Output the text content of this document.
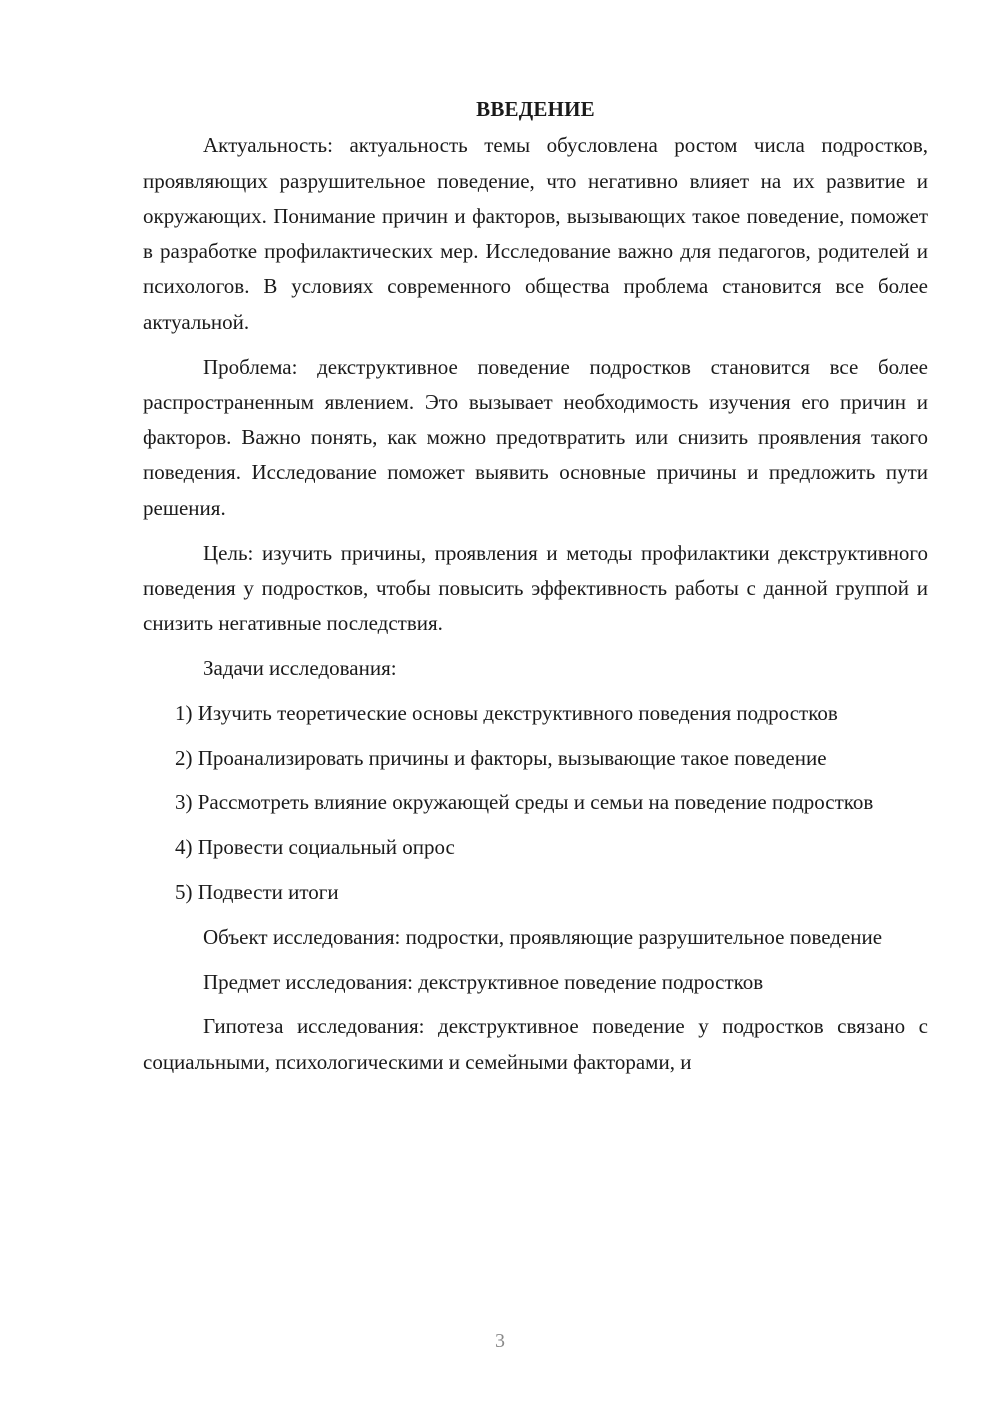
ВВЕДЕНИЕ

Актуальность: актуальность темы обусловлена ростом числа подростков, проявляющих разрушительное поведение, что негативно влияет на их развитие и окружающих. Понимание причин и факторов, вызывающих такое поведение, поможет в разработке профилактических мер. Исследование важно для педагогов, родителей и психологов. В условиях современного общества проблема становится все более актуальной.

Проблема: декструктивное поведение подростков становится все более распространенным явлением. Это вызывает необходимость изучения его причин и факторов. Важно понять, как можно предотвратить или снизить проявления такого поведения. Исследование поможет выявить основные причины и предложить пути решения.

Цель: изучить причины, проявления и методы профилактики декструктивного поведения у подростков, чтобы повысить эффективность работы с данной группой и снизить негативные последствия.

Задачи исследования:

1) Изучить теоретические основы декструктивного поведения подростков

2) Проанализировать причины и факторы, вызывающие такое поведение

3) Рассмотреть влияние окружающей среды и семьи на поведение подростков

4) Провести социальный опрос

5) Подвести итоги

Объект исследования: подростки, проявляющие разрушительное поведение

Предмет исследования: декструктивное поведение подростков

Гипотеза исследования: декструктивное поведение у подростков связано с социальными, психологическими и семейными факторами, и

3
